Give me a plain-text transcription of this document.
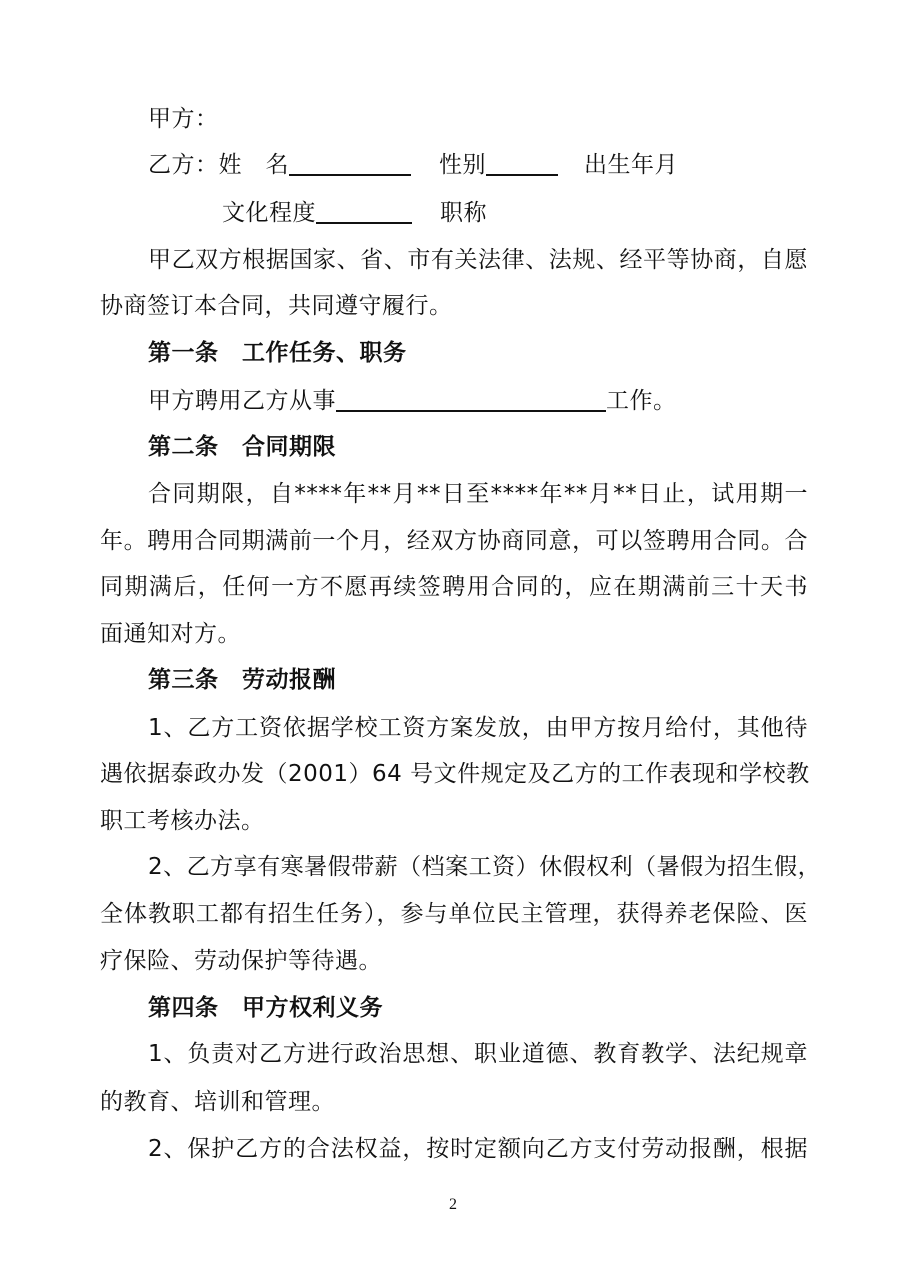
甲方：
乙方：姓　名	性别	出生年月
文化程度	职称
甲乙双方根据国家、省、市有关法律、法规、经平等协商，自愿
协商签订本合同，共同遵守履行。
第一条　工作任务、职务
甲方聘用乙方从事	工作。
第二条　合同期限
合同期限，自****年**月**日至****年**月**日止，试用期一
年。聘用合同期满前一个月，经双方协商同意，可以签聘用合同。合
同期满后，任何一方不愿再续签聘用合同的，应在期满前三十天书
面通知对方。
第三条　劳动报酬
1、乙方工资依据学校工资方案发放，由甲方按月给付，其他待
遇依据泰政办发（2001）64 号文件规定及乙方的工作表现和学校教
职工考核办法。
2、乙方享有寒暑假带薪（档案工资）休假权利（暑假为招生假，
全体教职工都有招生任务），参与单位民主管理，获得养老保险、医
疗保险、劳动保护等待遇。
第四条　甲方权利义务
1、负责对乙方进行政治思想、职业道德、教育教学、法纪规章
的教育、培训和管理。
2、保护乙方的合法权益，按时定额向乙方支付劳动报酬，根据
2
